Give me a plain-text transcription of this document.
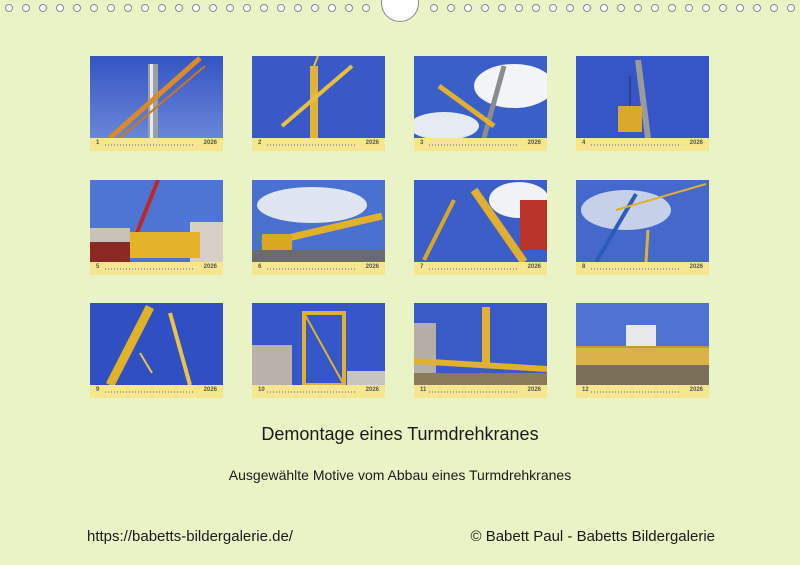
1	2026	2	2026	3	2026	4	2026
5	2026	6	2026	7	2026	8	2026
9	2026	10	2026	11	2026	12	2026
Demontage eines Turmdrehkranes
Ausgewählte Motive vom Abbau eines Turmdrehkranes
https://babetts-bildergalerie.de/	© Babett Paul - Babetts Bildergalerie
